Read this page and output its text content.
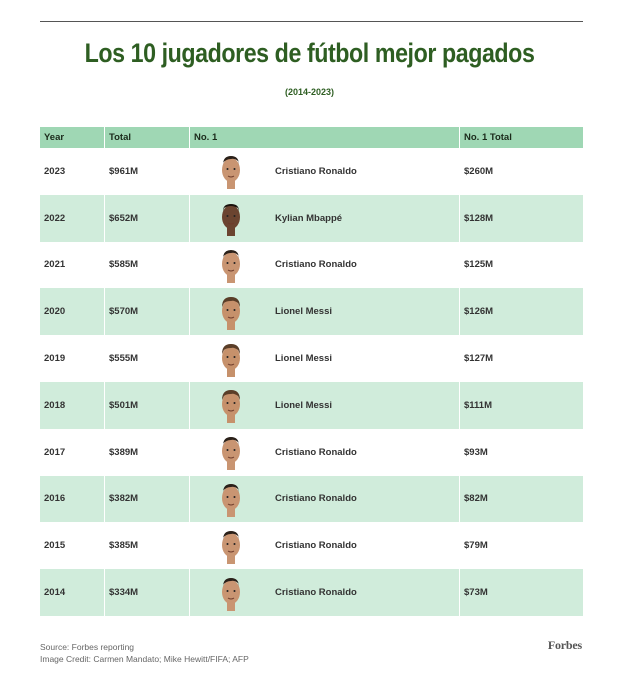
Los 10 jugadores de fútbol mejor pagados
(2014-2023)
Year	Total	No. 1	No. 1 Total
2023	$961M	Cristiano Ronaldo	$260M
2022	$652M	Kylian Mbappé	$128M
2021	$585M	Cristiano Ronaldo	$125M
2020	$570M	Lionel Messi	$126M
2019	$555M	Lionel Messi	$127M
2018	$501M	Lionel Messi	$111M
2017	$389M	Cristiano Ronaldo	$93M
2016	$382M	Cristiano Ronaldo	$82M
2015	$385M	Cristiano Ronaldo	$79M
2014	$334M	Cristiano Ronaldo	$73M
Source: Forbes reporting
Image Credit: Carmen Mandato; Mike Hewitt/FIFA; AFP
Forbes
